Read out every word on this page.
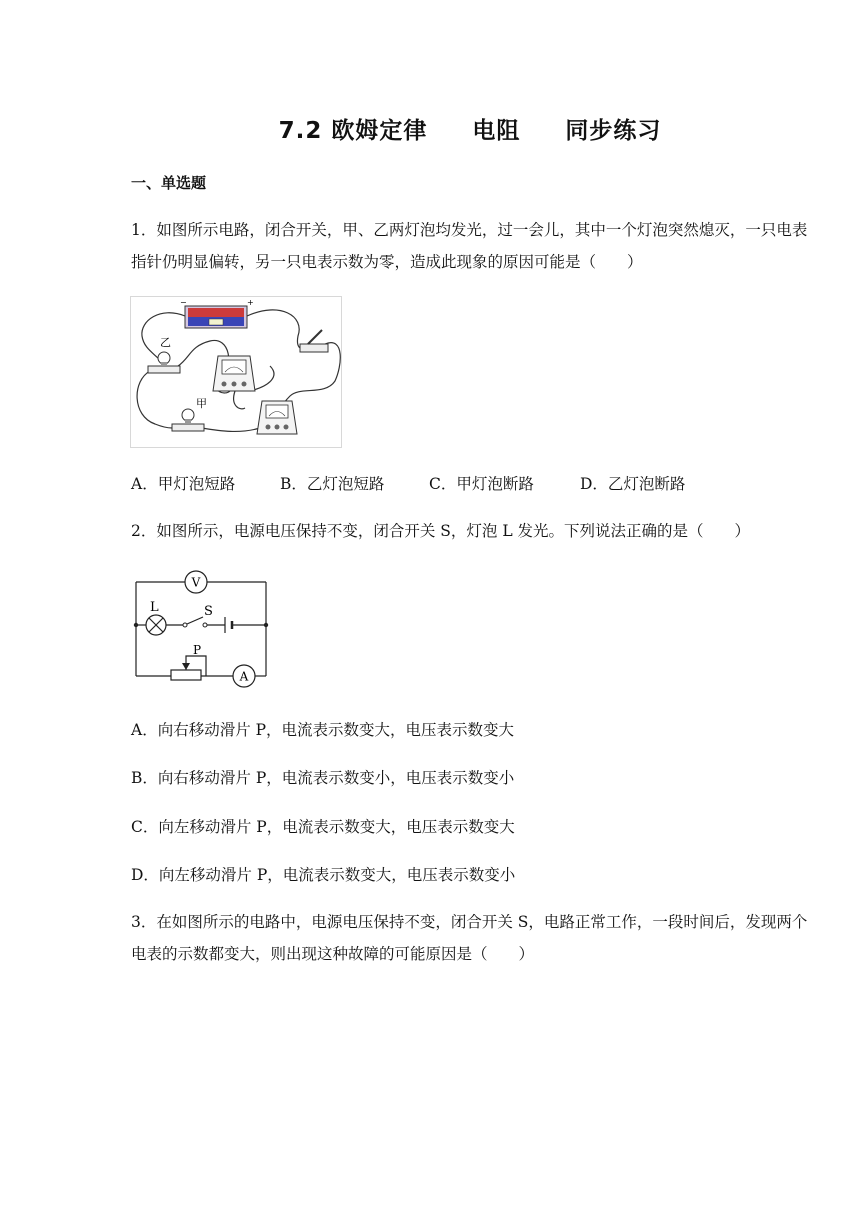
7.2 欧姆定律     电阻     同步练习
一、单选题
1．如图所示电路，闭合开关，甲、乙两灯泡均发光，过一会儿，其中一个灯泡突然熄灭，一只电表指针仍明显偏转，另一只电表示数为零，造成此现象的原因可能是（　　）
−	+
乙
甲
A．甲灯泡短路	B．乙灯泡短路	C．甲灯泡断路	D．乙灯泡断路
2．如图所示，电源电压保持不变，闭合开关 S，灯泡 L 发光。下列说法正确的是（　　）
V
L	S
P
A
A．向右移动滑片 P，电流表示数变大，电压表示数变大
B．向右移动滑片 P，电流表示数变小，电压表示数变小
C．向左移动滑片 P，电流表示数变大，电压表示数变大
D．向左移动滑片 P，电流表示数变大，电压表示数变小
3．在如图所示的电路中，电源电压保持不变，闭合开关 S，电路正常工作，一段时间后，发现两个电表的示数都变大，则出现这种故障的可能原因是（　　）
